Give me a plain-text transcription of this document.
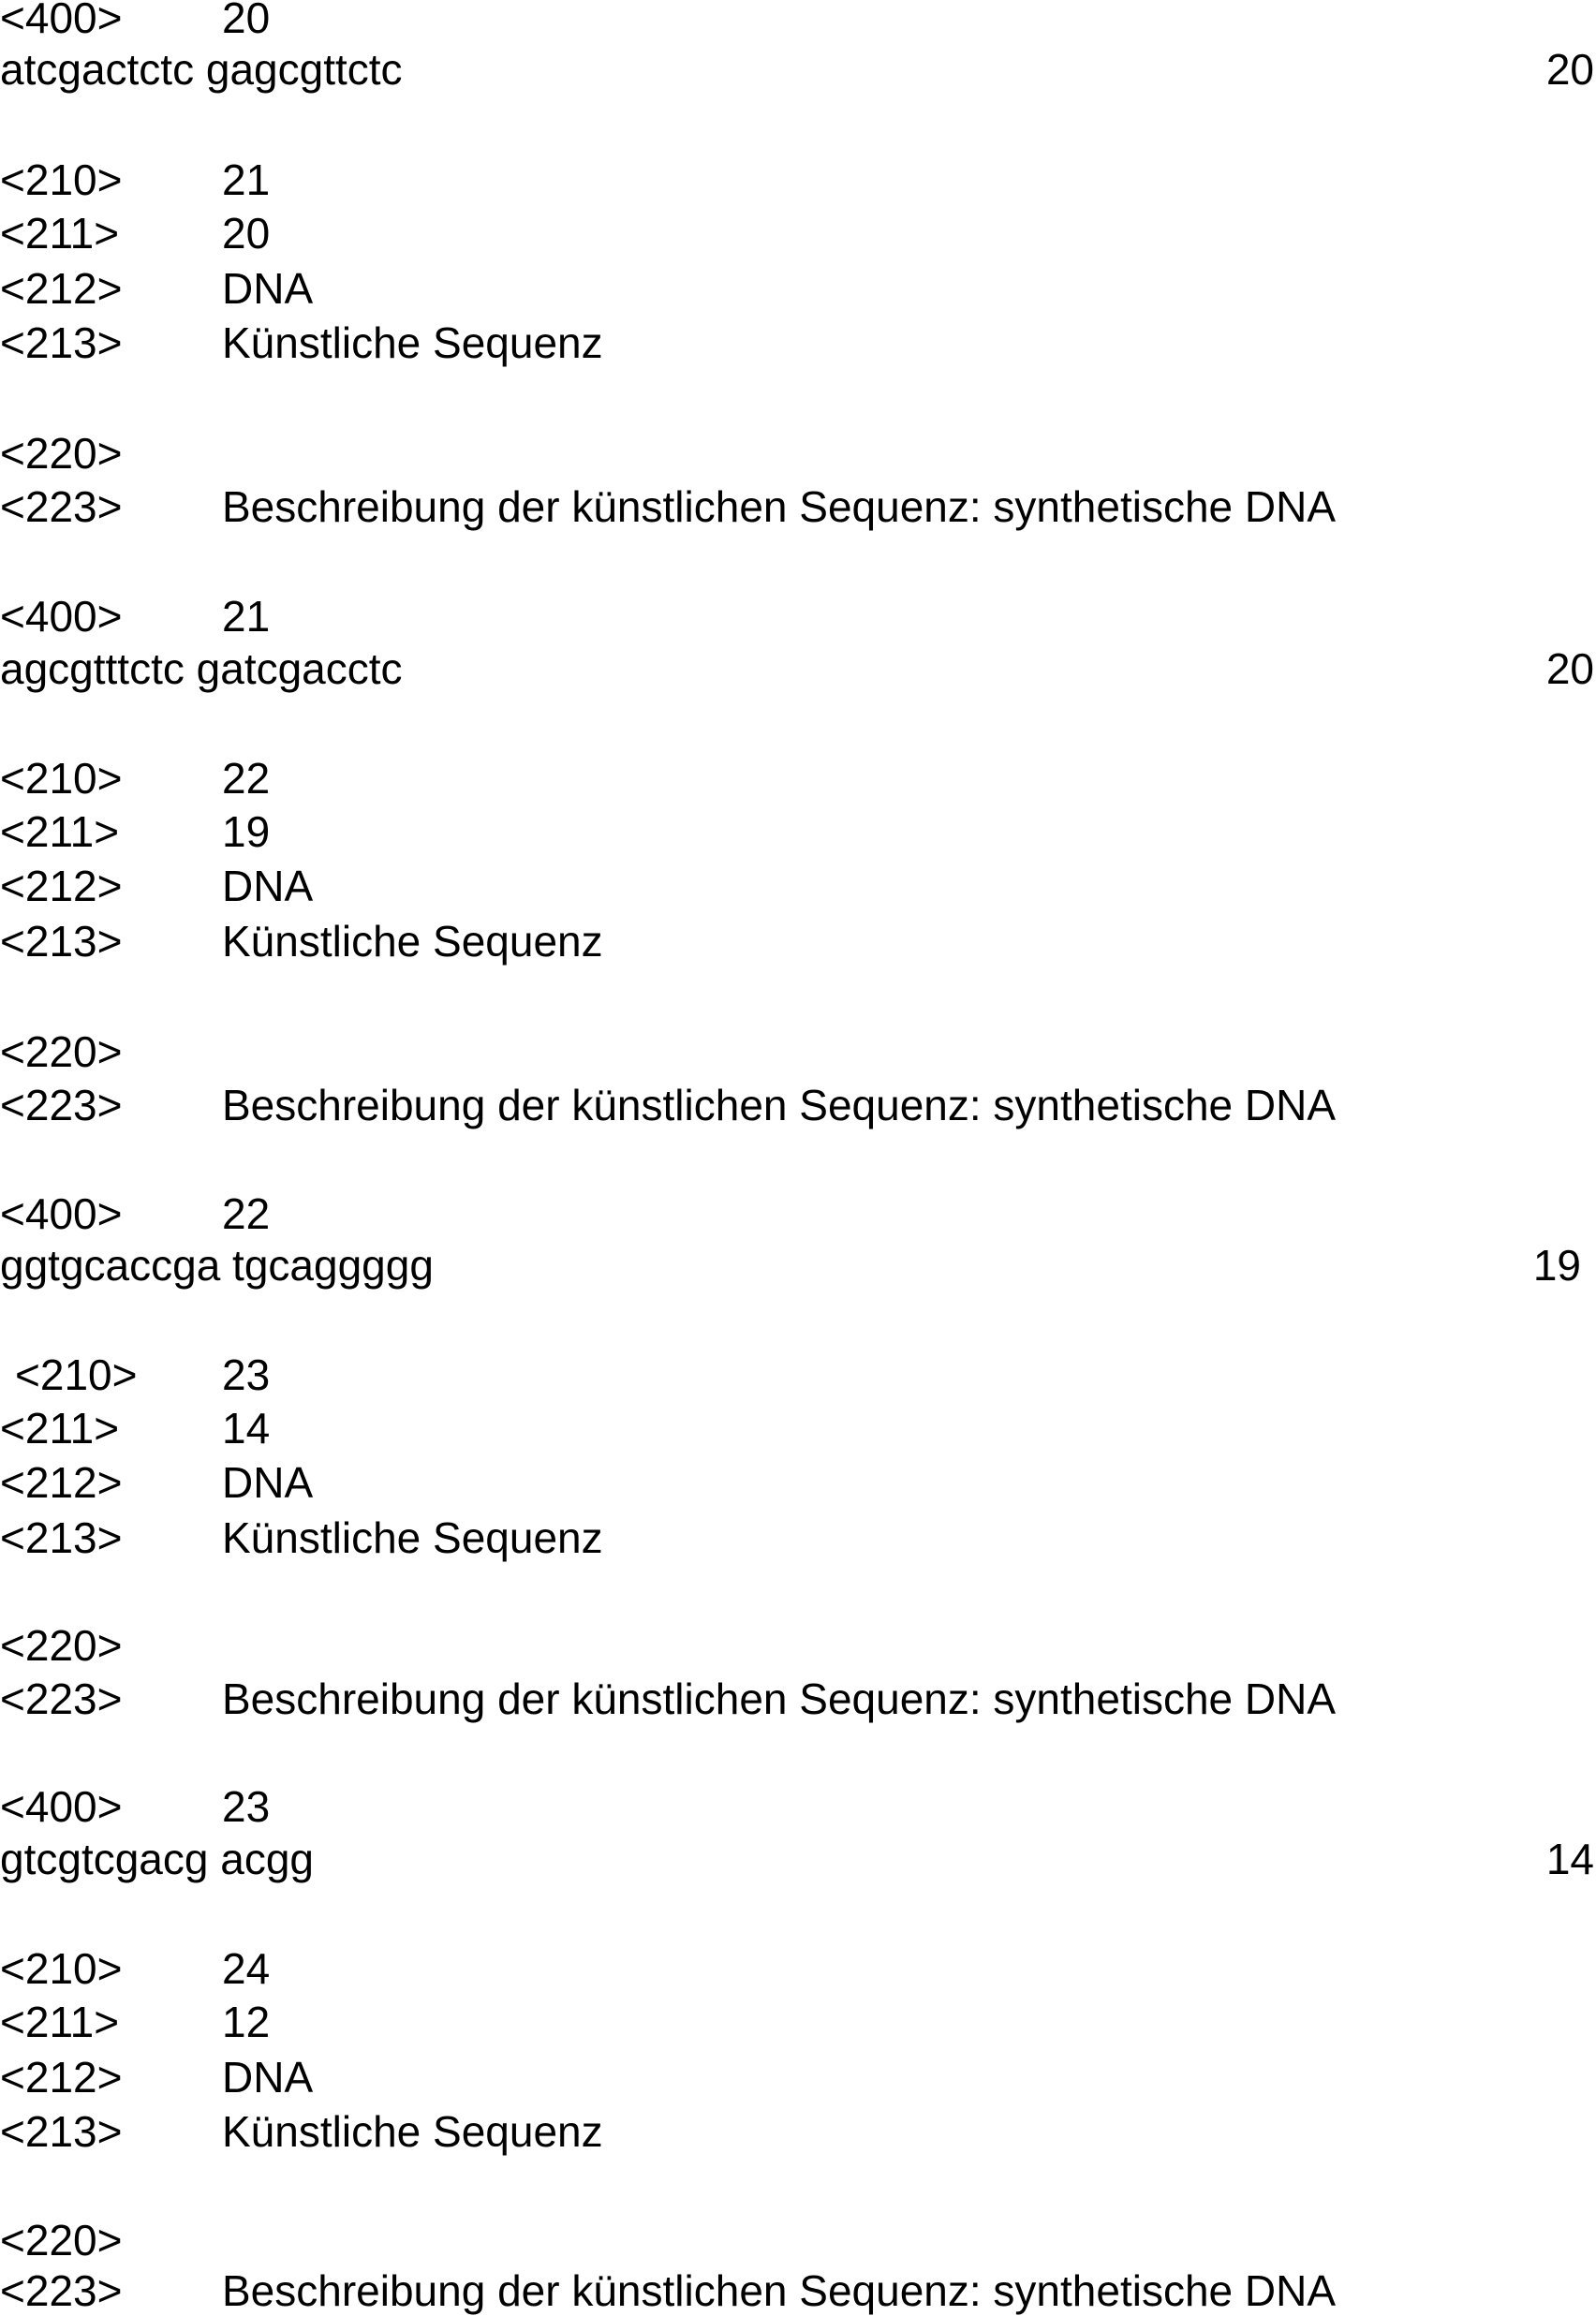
<400> 20
atcgactctc gagcgttctc	20
<210> 21
<211> 20
<212> DNA
<213> Künstliche Sequenz
<220>
<223> Beschreibung der künstlichen Sequenz: synthetische DNA
<400> 21
agcgtttctc gatcgacctc	20
<210> 22
<211> 19
<212> DNA
<213> Künstliche Sequenz
<220>
<223> Beschreibung der künstlichen Sequenz: synthetische DNA
<400> 22
ggtgcaccga tgcaggggg	19
<210> 23
<211> 14
<212> DNA
<213> Künstliche Sequenz
<220>
<223> Beschreibung der künstlichen Sequenz: synthetische DNA
<400> 23
gtcgtcgacg acgg	14
<210> 24
<211> 12
<212> DNA
<213> Künstliche Sequenz
<220>
<223> Beschreibung der künstlichen Sequenz: synthetische DNA
